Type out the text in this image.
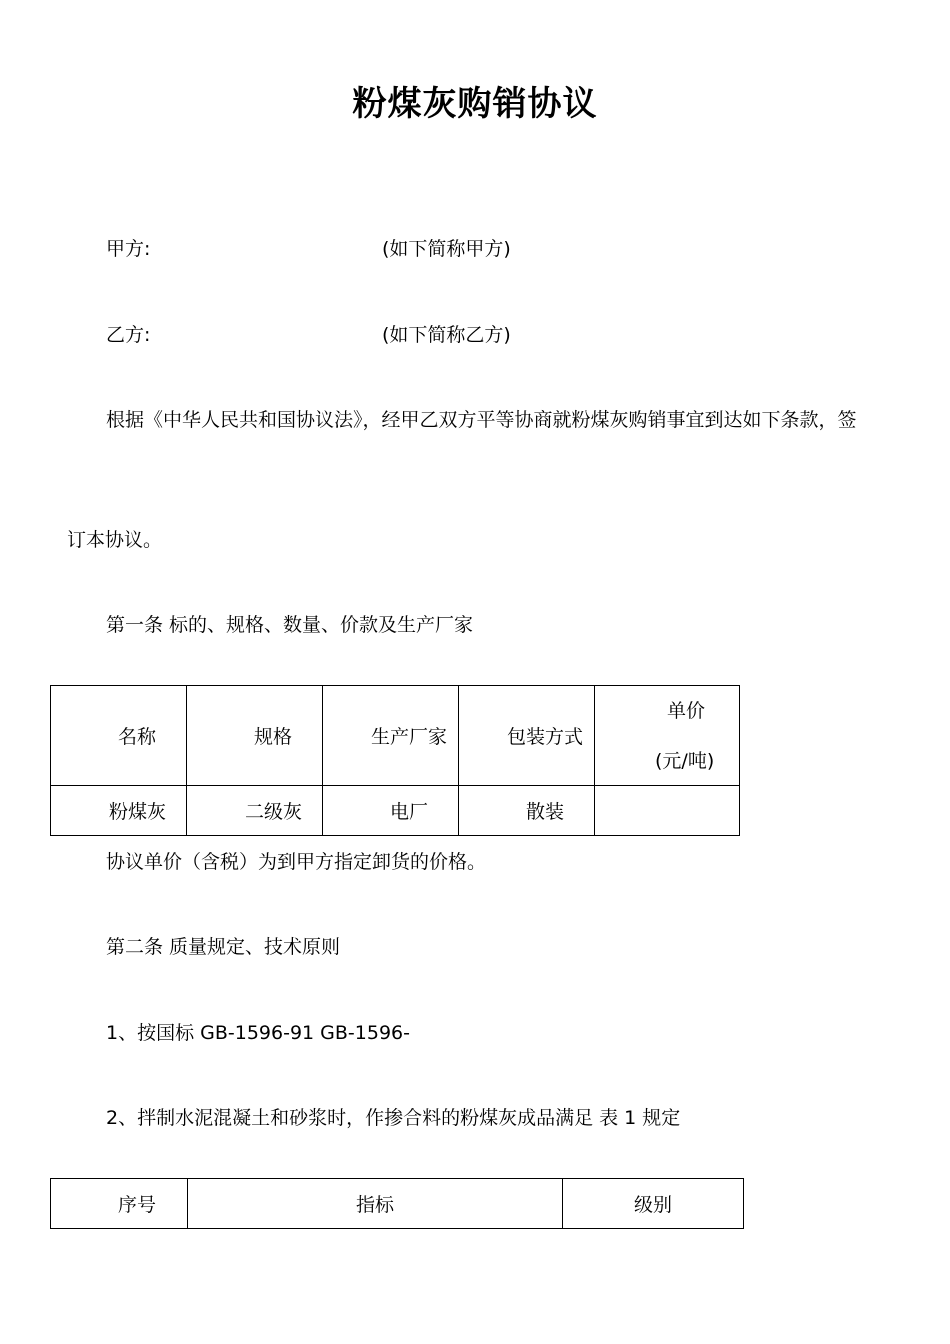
粉煤灰购销协议
甲方:	(如下简称甲方)
乙方:	(如下简称乙方)
根据《中华人民共和国协议法》，经甲乙双方平等协商就粉煤灰购销事宜到达如下条款，签
订本协议。
第一条 标的、规格、数量、价款及生产厂家
名称	规格	生产厂家	包装方式	单价
(元/吨)

粉煤灰	二级灰	电厂	散装	

协议单价（含税）为到甲方指定卸货的价格。
第二条 质量规定、技术原则
1、按国标 GB-1596-91 GB-1596-
2、拌制水泥混凝土和砂浆时，作掺合料的粉煤灰成品满足 表 1 规定
序号	指标	级别
